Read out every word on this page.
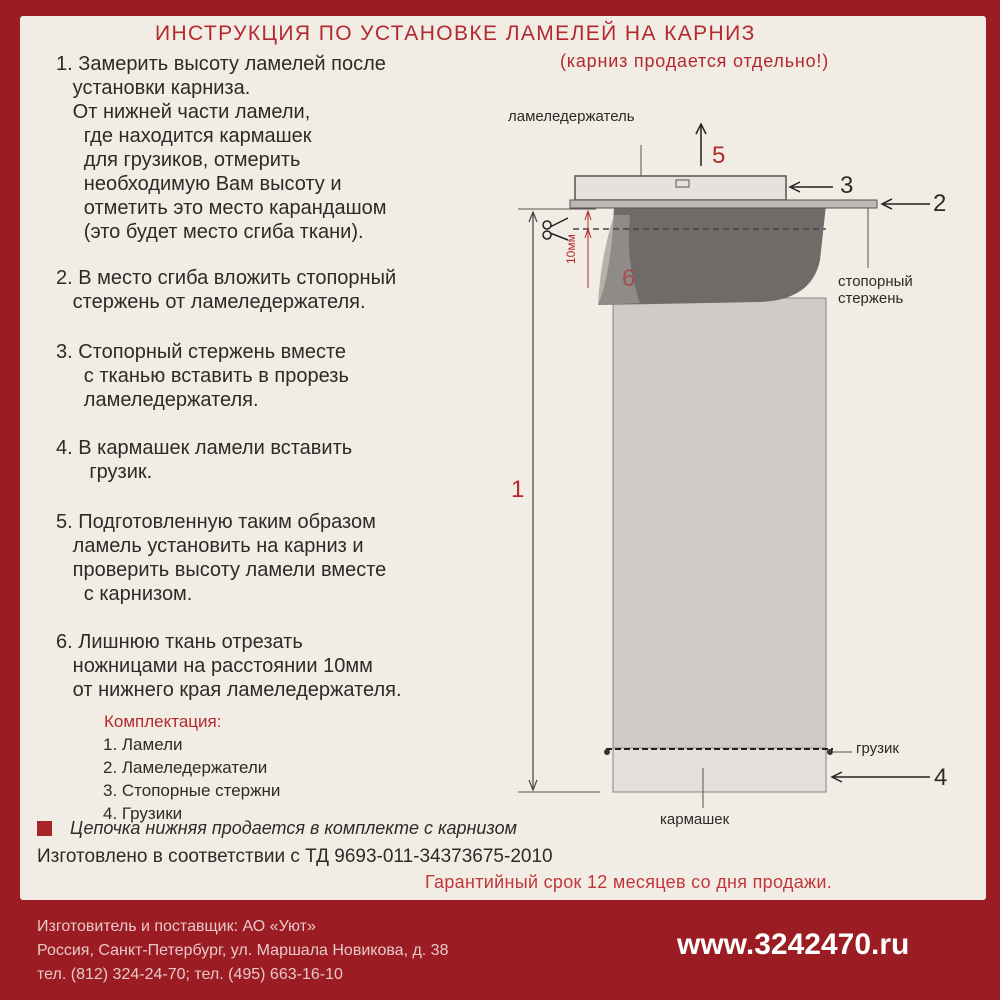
ИНСТРУКЦИЯ ПО УСТАНОВКЕ ЛАМЕЛЕЙ НА КАРНИЗ
(карниз продается отдельно!)
1. Замерить высоту ламелей после
установки карниза.
От нижней части ламели,
где находится кармашек
для грузиков, отмерить
необходимую Вам высоту и
отметить это место карандашом
(это будет место сгиба ткани).
2. В место сгиба вложить стопорный
стержень от ламеледержателя.
3. Стопорный стержень вместе
с тканью вставить в прорезь
ламеледержателя.
4. В кармашек ламели вставить
грузик.
5. Подготовленную таким образом
ламель установить на карниз и
проверить высоту ламели вместе
с карнизом.
6. Лишнюю ткань отрезать
ножницами на расстоянии 10мм
от нижнего края ламеледержателя.
Комплектация:
1. Ламели
2. Ламеледержатели
3. Стопорные стержни
4. Грузики
Цепочка нижняя продается в комплекте с карнизом
Изготовлено в соответствии с ТД 9693-011-34373675-2010
Гарантийный срок 12 месяцев со дня продажи.
ламеледержатель
стопорный
стержень
грузик
кармашек
10мм
1
2
3
4
5
6
Изготовитель и поставщик: АО «Уют»
Россия, Санкт-Петербург, ул. Маршала Новикова, д. 38
тел. (812) 324-24-70; тел. (495) 663-16-10
www.3242470.ru
